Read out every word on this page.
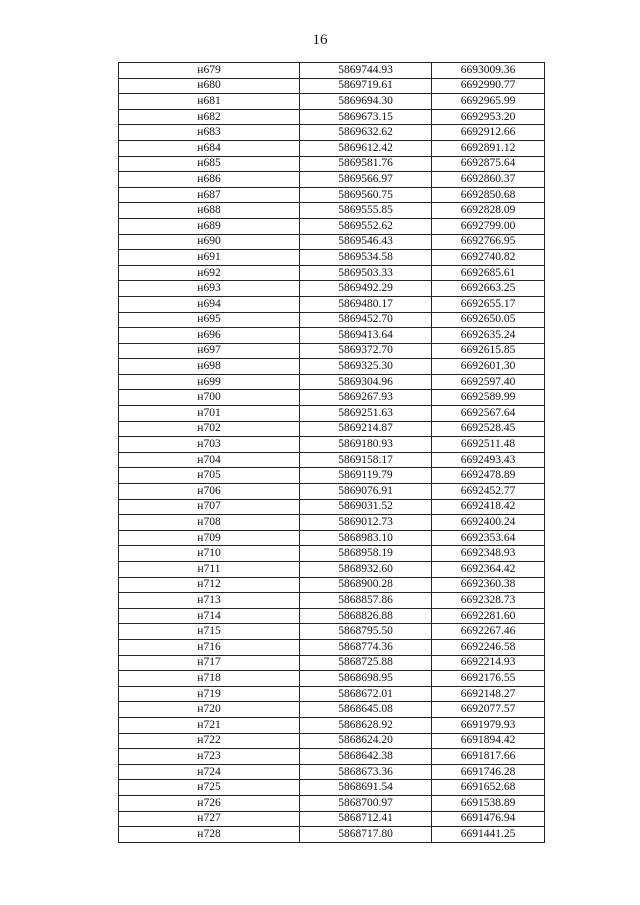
16
н679	5869744.93	6693009.36
н680	5869719.61	6692990.77
н681	5869694.30	6692965.99
н682	5869673.15	6692953.20
н683	5869632.62	6692912.66
н684	5869612.42	6692891.12
н685	5869581.76	6692875.64
н686	5869566.97	6692860.37
н687	5869560.75	6692850.68
н688	5869555.85	6692828.09
н689	5869552.62	6692799.00
н690	5869546.43	6692766.95
н691	5869534.58	6692740.82
н692	5869503.33	6692685.61
н693	5869492.29	6692663.25
н694	5869480.17	6692655.17
н695	5869452.70	6692650.05
н696	5869413.64	6692635.24
н697	5869372.70	6692615.85
н698	5869325.30	6692601.30
н699	5869304.96	6692597.40
н700	5869267.93	6692589.99
н701	5869251.63	6692567.64
н702	5869214.87	6692528.45
н703	5869180.93	6692511.48
н704	5869158.17	6692493.43
н705	5869119.79	6692478.89
н706	5869076.91	6692452.77
н707	5869031.52	6692418.42
н708	5869012.73	6692400.24
н709	5868983.10	6692353.64
н710	5868958.19	6692348.93
н711	5868932.60	6692364.42
н712	5868900.28	6692360.38
н713	5868857.86	6692328.73
н714	5868826.88	6692281.60
н715	5868795.50	6692267.46
н716	5868774.36	6692246.58
н717	5868725.88	6692214.93
н718	5868698.95	6692176.55
н719	5868672.01	6692148.27
н720	5868645.08	6692077.57
н721	5868628.92	6691979.93
н722	5868624.20	6691894.42
н723	5868642.38	6691817.66
н724	5868673.36	6691746.28
н725	5868691.54	6691652.68
н726	5868700.97	6691538.89
н727	5868712.41	6691476.94
н728	5868717.80	6691441.25
